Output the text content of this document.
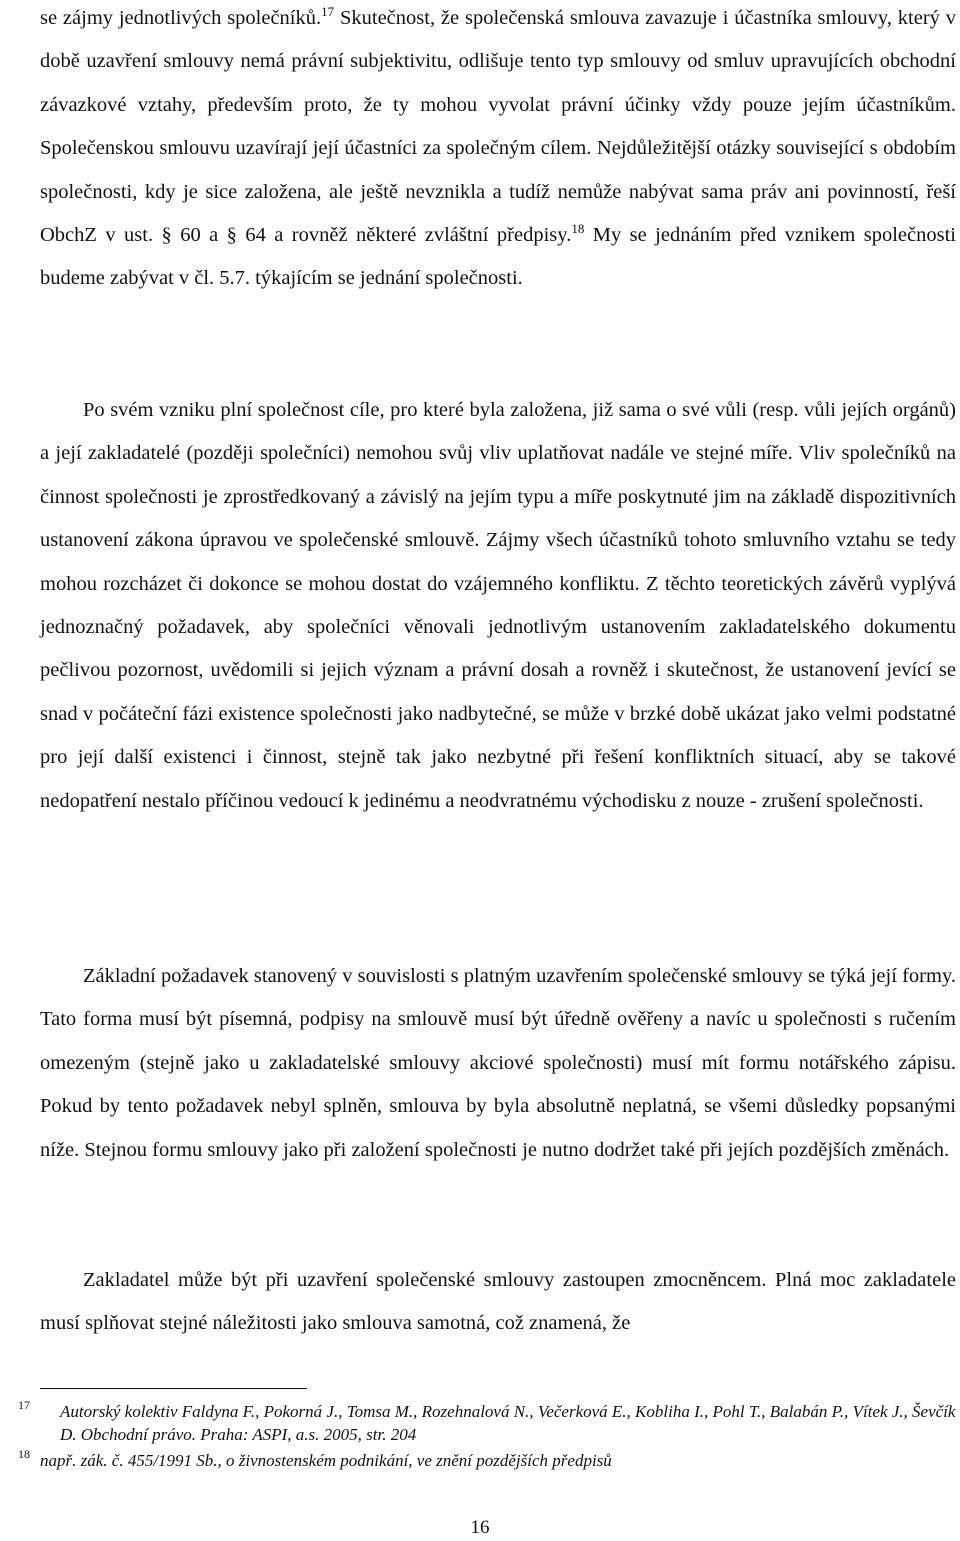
se zájmy jednotlivých společníků.$^{17}$ Skutečnost, že společenská smlouva zavazuje i účastníka smlouvy, který v době uzavření smlouvy nemá právní subjektivitu, odlišuje tento typ smlouvy od smluv upravujících obchodní závazkové vztahy, především proto, že ty mohou vyvolat právní účinky vždy pouze jejím účastníkům. Společenskou smlouvu uzavírají její účastníci za společným cílem. Nejdůležitější otázky související s obdobím společnosti, kdy je sice založena, ale ještě nevznikla a tudíž nemůže nabývat sama práv ani povinností, řeší ObchZ v ust. § 60 a § 64 a rovněž některé zvláštní předpisy.$^{18}$ My se jednáním před vznikem společnosti budeme zabývat v čl. 5.7. týkajícím se jednání společnosti.

Po svém vzniku plní společnost cíle, pro které byla založena, již sama o své vůli (resp. vůli jejích orgánů) a její zakladatelé (později společníci) nemohou svůj vliv uplatňovat nadále ve stejné míře. Vliv společníků na činnost společnosti je zprostředkovaný a závislý na jejím typu a míře poskytnuté jim na základě dispozitivních ustanovení zákona úpravou ve společenské smlouvě. Zájmy všech účastníků tohoto smluvního vztahu se tedy mohou rozcházet či dokonce se mohou dostat do vzájemného konfliktu. Z těchto teoretických závěrů vyplývá jednoznačný požadavek, aby společníci věnovali jednotlivým ustanovením zakladatelského dokumentu pečlivou pozornost, uvědomili si jejich význam a právní dosah a rovněž i skutečnost, že ustanovení jevící se snad v počáteční fázi existence společnosti jako nadbytečné, se může v brzké době ukázat jako velmi podstatné pro její další existenci i činnost, stejně tak jako nezbytné při řešení konfliktních situací, aby se takové nedopatření nestalo příčinou vedoucí k jedinému a neodvratnému východisku z nouze - zrušení společnosti.

Základní požadavek stanovený v souvislosti s platným uzavřením společenské smlouvy se týká její formy. Tato forma musí být písemná, podpisy na smlouvě musí být úředně ověřeny a navíc u společnosti s ručením omezeným (stejně jako u zakladatelské smlouvy akciové společnosti) musí mít formu notářského zápisu. Pokud by tento požadavek nebyl splněn, smlouva by byla absolutně neplatná, se všemi důsledky popsanými níže. Stejnou formu smlouvy jako při založení společnosti je nutno dodržet také při jejích pozdějších změnách.

Zakladatel může být při uzavření společenské smlouvy zastoupen zmocněncem. Plná moc zakladatele musí splňovat stejné náležitosti jako smlouva samotná, což znamená, že

17 Autorský kolektiv Faldyna F., Pokorná J., Tomsa M., Rozehnalová N., Večerková E., Kobliha I., Pohl T., Balabán P., Vítek J., Ševčík D. Obchodní právo. Praha: ASPI, a.s. 2005, str. 204

18 např. zák. č. 455/1991 Sb., o živnostenském podnikání, ve znění pozdějších předpisů

16
